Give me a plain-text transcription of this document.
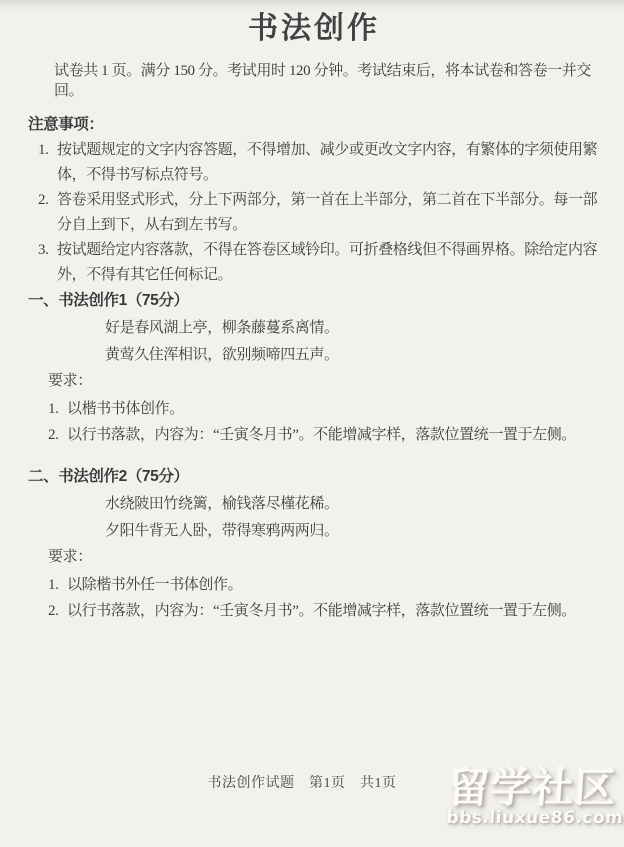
书法创作

试卷共 1 页。满分 150 分。考试用时 120 分钟。考试结束后，将本试卷和答卷一并交回。

注意事项：
1. 按试题规定的文字内容答题，不得增加、减少或更改文字内容，有繁体的字须使用繁体，不得书写标点符号。
2. 答卷采用竖式形式，分上下两部分，第一首在上半部分，第二首在下半部分。每一部分自上到下，从右到左书写。
3. 按试题给定内容落款，不得在答卷区域钤印。可折叠格线但不得画界格。除给定内容外，不得有其它任何标记。
一、书法创作1（75分）

好是春风湖上亭，柳条藤蔓系离情。

黄莺久住浑相识，欲别频啼四五声。

要求：

1. 以楷书书体创作。
2. 以行书落款，内容为：“壬寅冬月书”。不能增减字样，落款位置统一置于左侧。
二、书法创作2（75分）

水绕陂田竹绕篱，榆钱落尽槿花稀。

夕阳牛背无人卧，带得寒鸦两两归。

要求：

1. 以除楷书外任一书体创作。
2. 以行书落款，内容为：“壬寅冬月书”。不能增减字样，落款位置统一置于左侧。
书法创作试题　第1页　共1页	留学社区
bbs.liuxue86.com
